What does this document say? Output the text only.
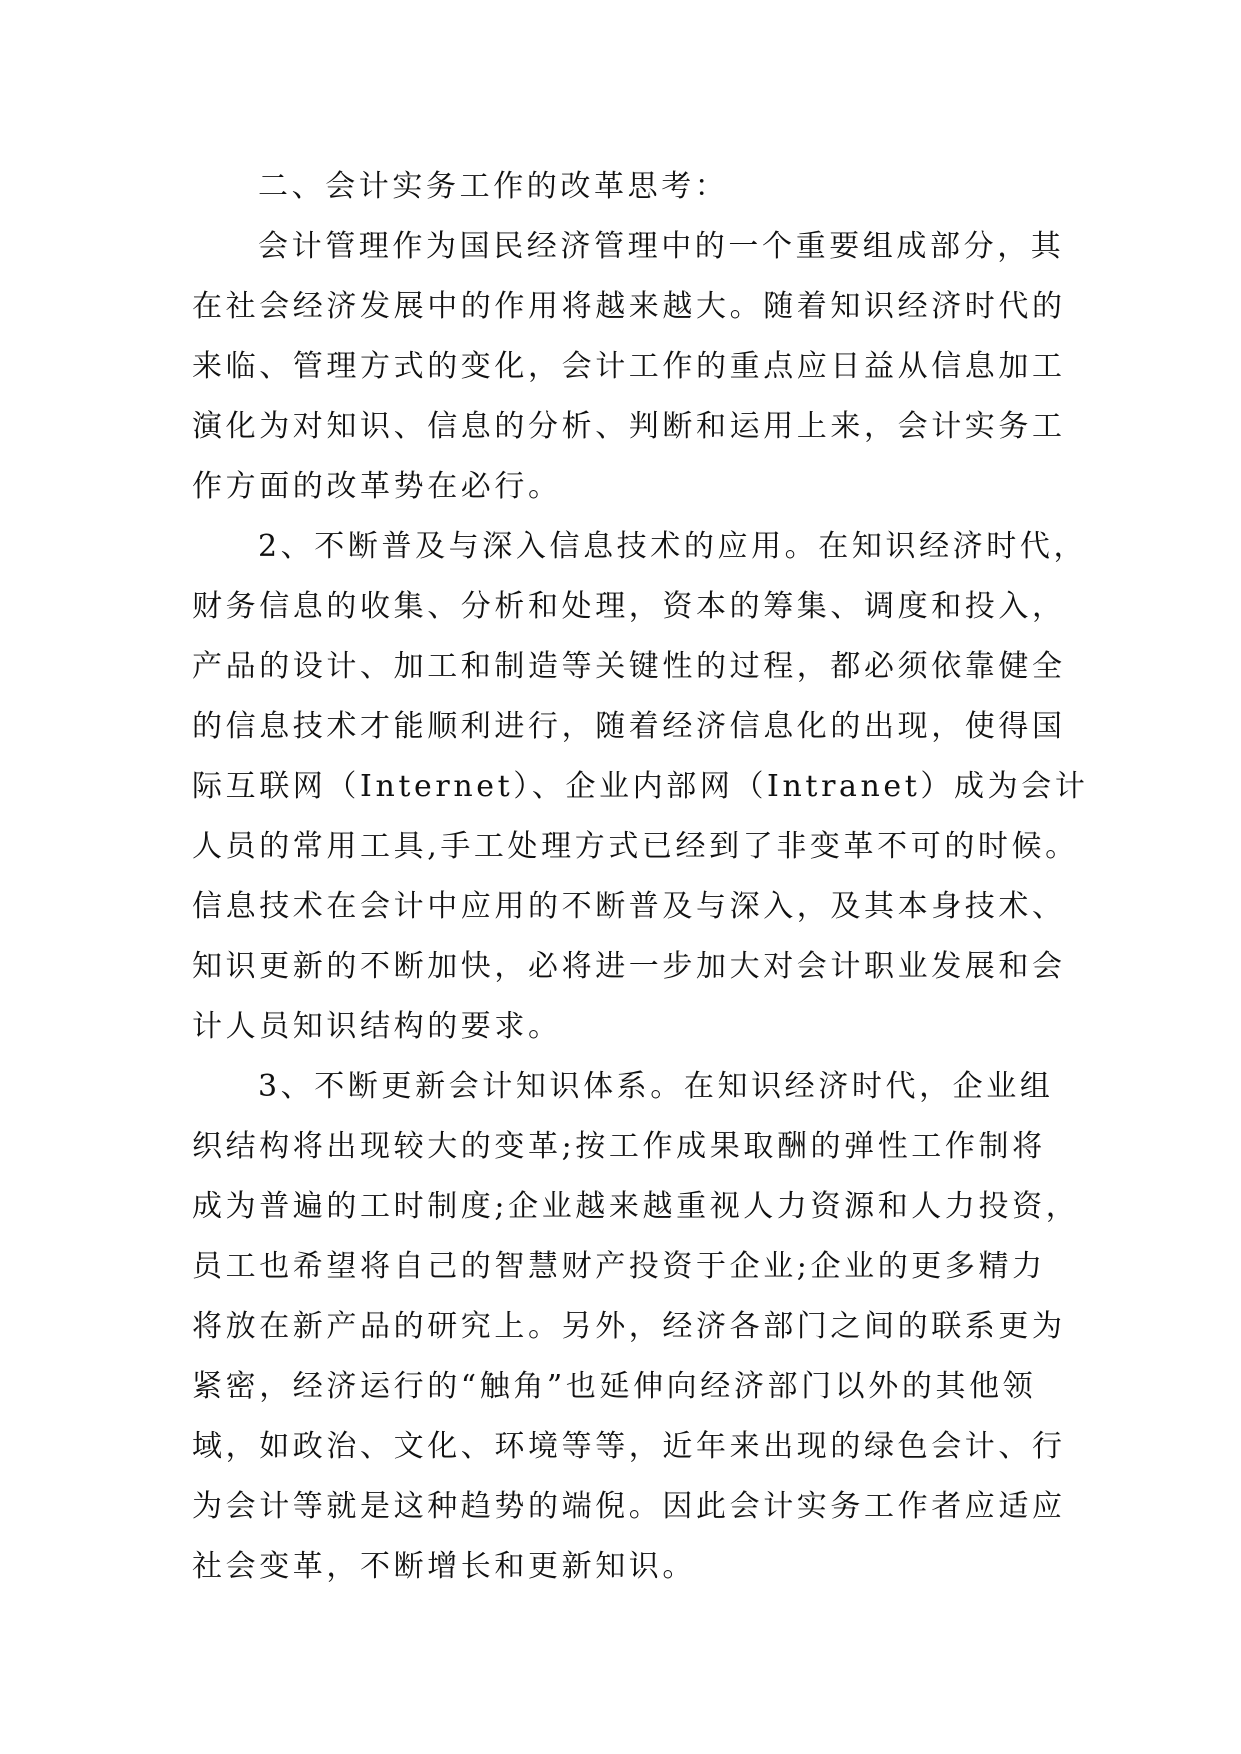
二、会计实务工作的改革思考：

会计管理作为国民经济管理中的一个重要组成部分，其
在社会经济发展中的作用将越来越大。随着知识经济时代的
来临、管理方式的变化，会计工作的重点应日益从信息加工
演化为对知识、信息的分析、判断和运用上来，会计实务工
作方面的改革势在必行。
2、不断普及与深入信息技术的应用。在知识经济时代，
财务信息的收集、分析和处理，资本的筹集、调度和投入，
产品的设计、加工和制造等关键性的过程，都必须依靠健全
的信息技术才能顺利进行，随着经济信息化的出现，使得国
际互联网（Internet）、企业内部网（Intranet）成为会计
人员的常用工具,手工处理方式已经到了非变革不可的时候。
信息技术在会计中应用的不断普及与深入，及其本身技术、
知识更新的不断加快，必将进一步加大对会计职业发展和会
计人员知识结构的要求。
3、不断更新会计知识体系。在知识经济时代，企业组
织结构将出现较大的变革;按工作成果取酬的弹性工作制将
成为普遍的工时制度;企业越来越重视人力资源和人力投资，
员工也希望将自己的智慧财产投资于企业;企业的更多精力
将放在新产品的研究上。另外，经济各部门之间的联系更为
紧密，经济运行的“触角”也延伸向经济部门以外的其他领
域，如政治、文化、环境等等，近年来出现的绿色会计、行
为会计等就是这种趋势的端倪。因此会计实务工作者应适应
社会变革，不断增长和更新知识。
